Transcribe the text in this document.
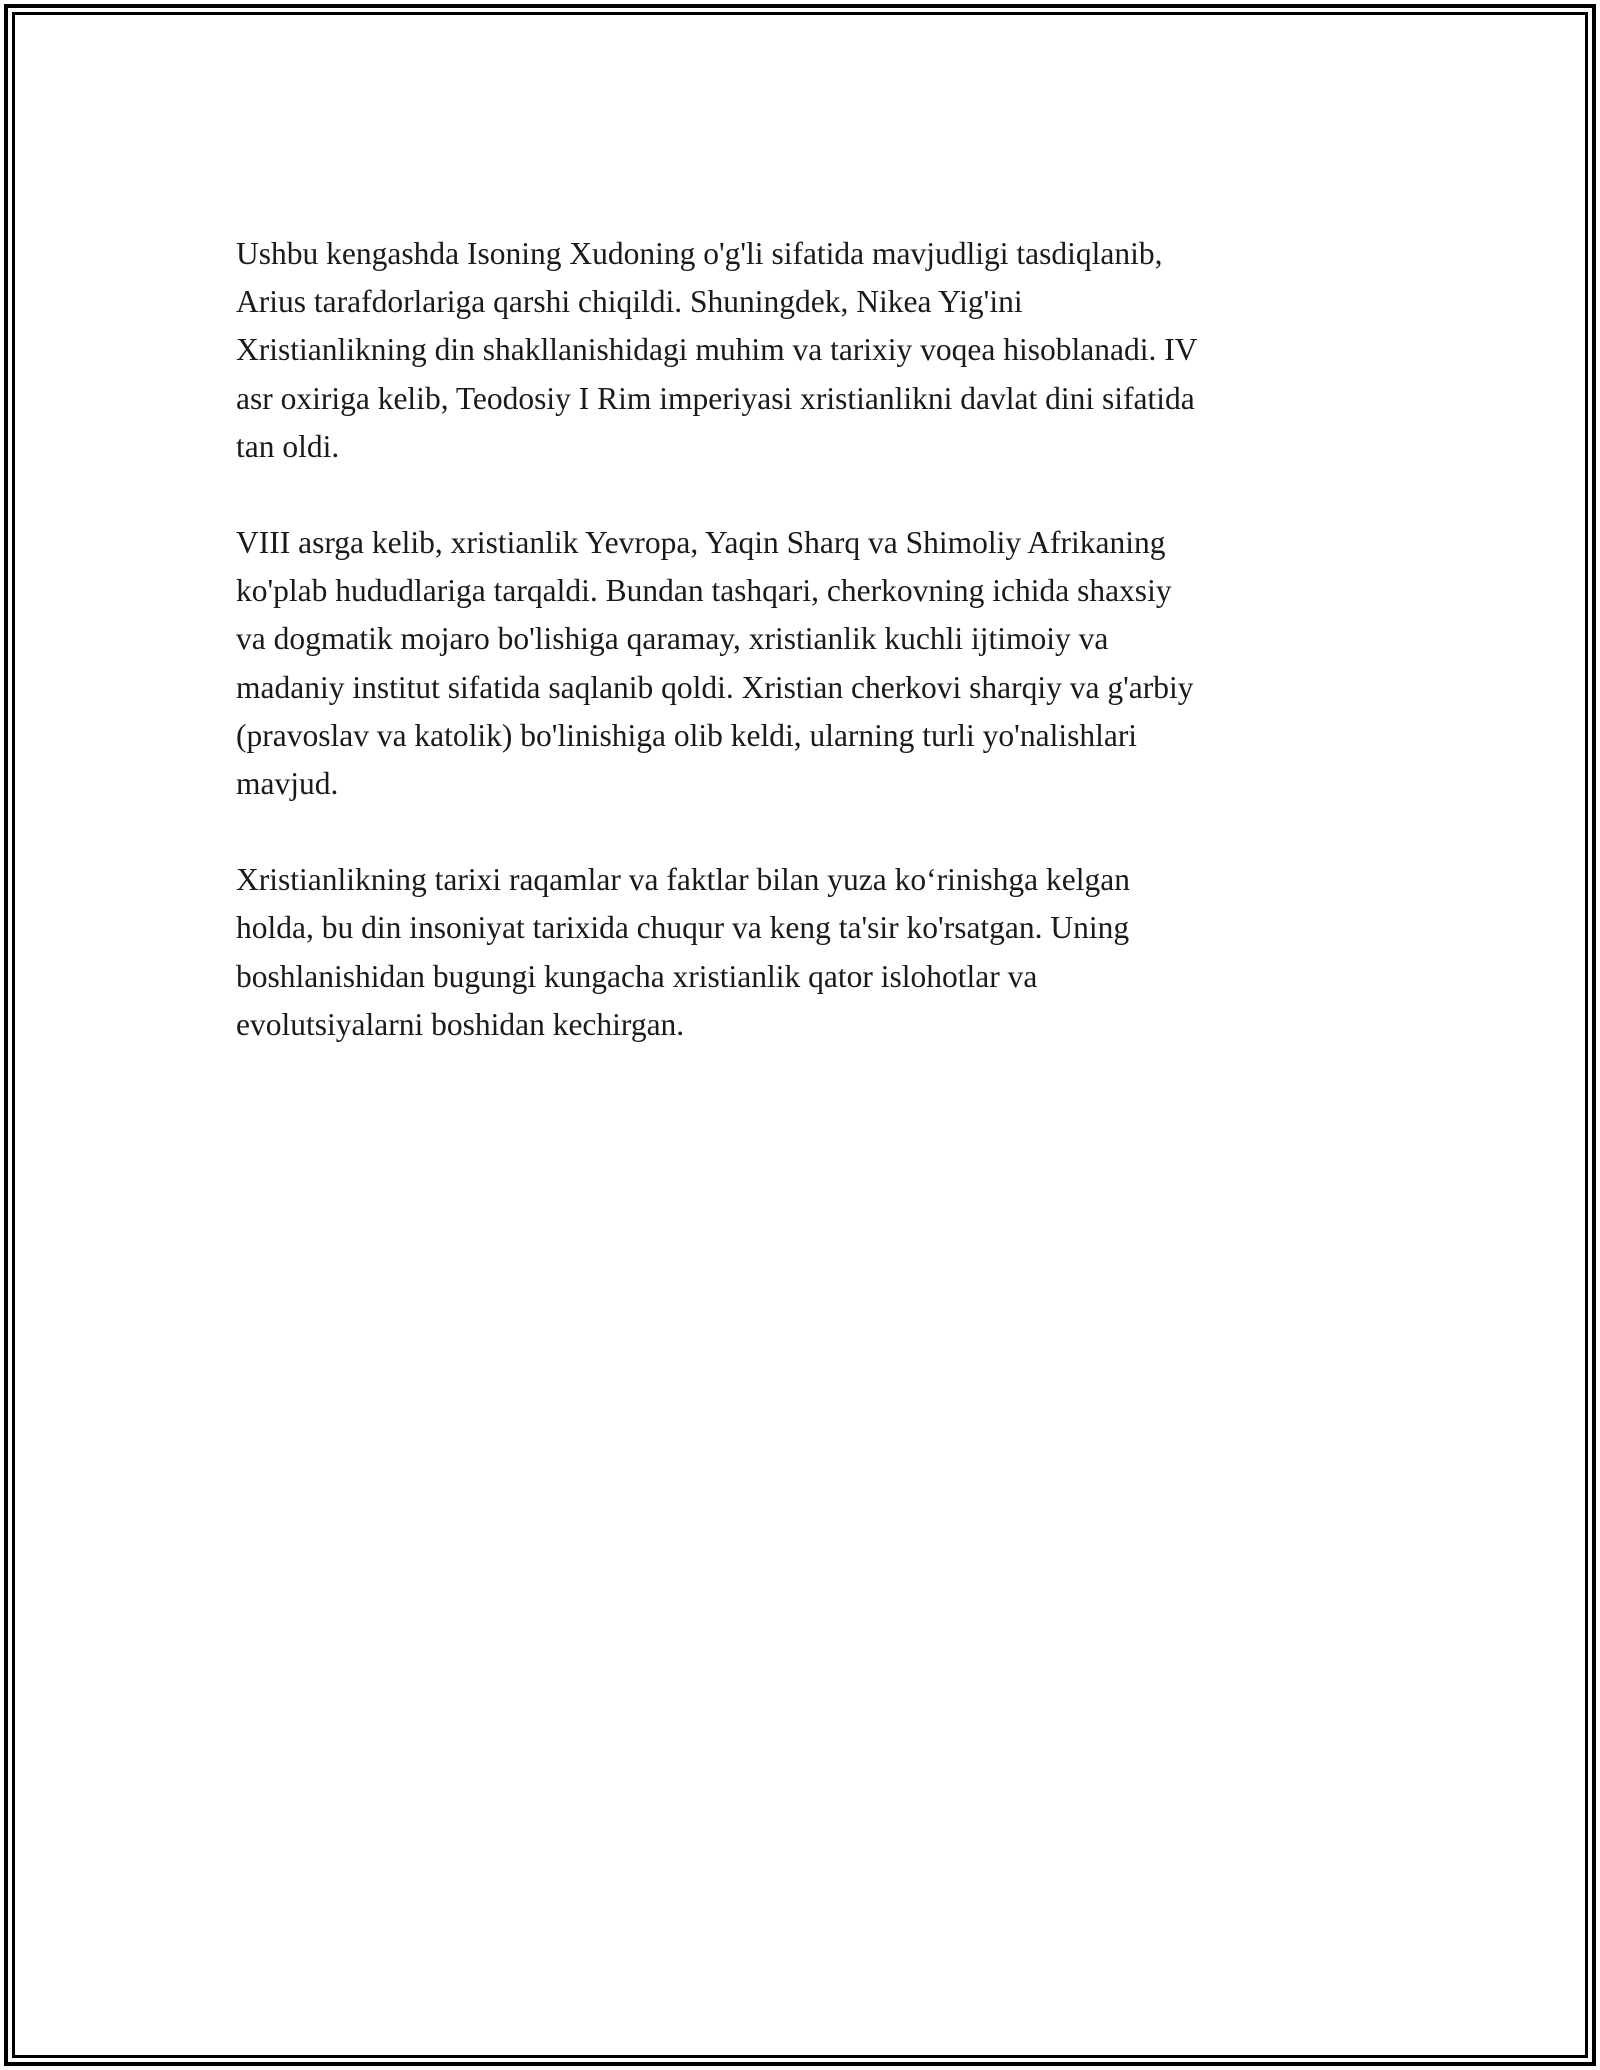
Ushbu kengashda Isoning Xudoning o'g'li sifatida mavjudligi tasdiqlanib,
Arius tarafdorlariga qarshi chiqildi. Shuningdek, Nikea Yig'ini
Xristianlikning din shakllanishidagi muhim va tarixiy voqea hisoblanadi. IV
asr oxiriga kelib, Teodosiy I Rim imperiyasi xristianlikni davlat dini sifatida
tan oldi.

VIII asrga kelib, xristianlik Yevropa, Yaqin Sharq va Shimoliy Afrikaning
ko'plab hududlariga tarqaldi. Bundan tashqari, cherkovning ichida shaxsiy
va dogmatik mojaro bo'lishiga qaramay, xristianlik kuchli ijtimoiy va
madaniy institut sifatida saqlanib qoldi. Xristian cherkovi sharqiy va g'arbiy
(pravoslav va katolik) bo'linishiga olib keldi, ularning turli yo'nalishlari
mavjud.

Xristianlikning tarixi raqamlar va faktlar bilan yuza ko‘rinishga kelgan
holda, bu din insoniyat tarixida chuqur va keng ta'sir ko'rsatgan. Uning
boshlanishidan bugungi kungacha xristianlik qator islohotlar va
evolutsiyalarni boshidan kechirgan.
